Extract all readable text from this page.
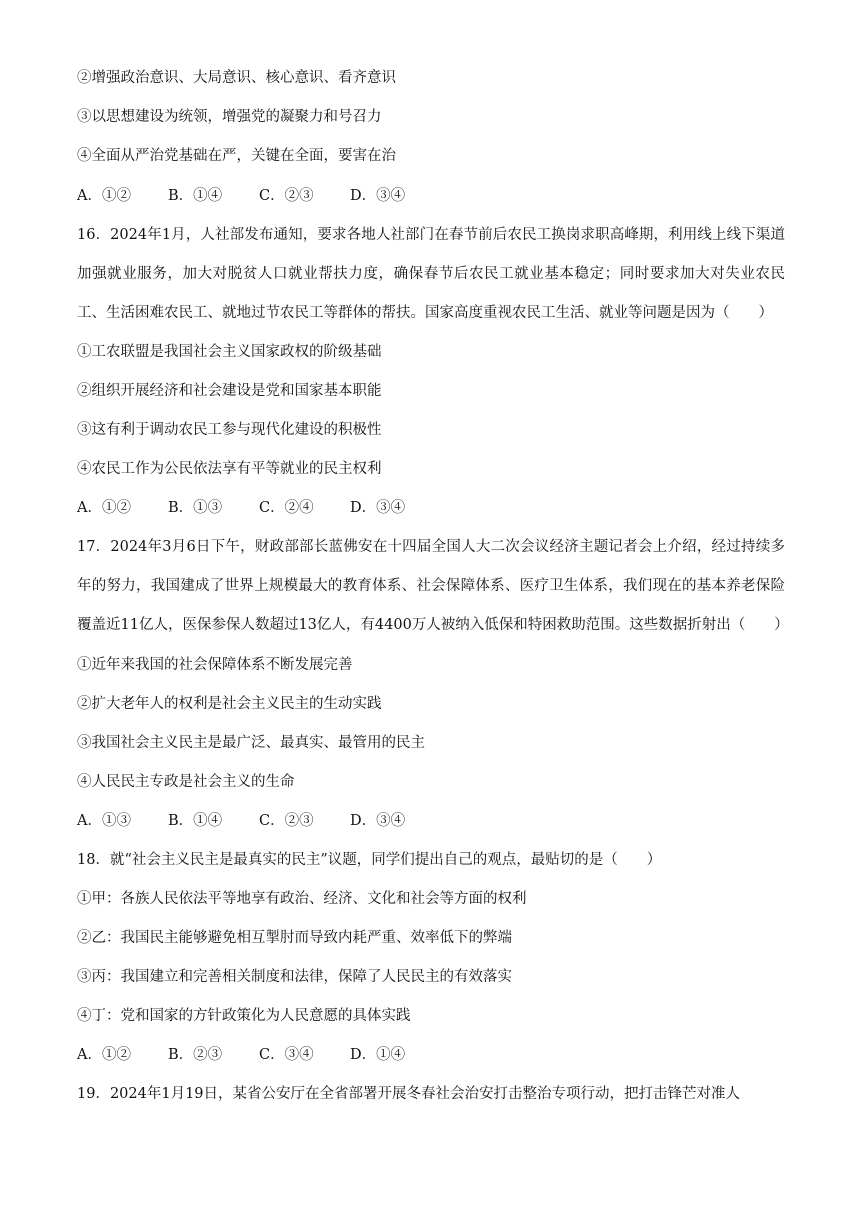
②增强政治意识、大局意识、核心意识、看齐意识
③以思想建设为统领，增强党的凝聚力和号召力
④全面从严治党基础在严，关键在全面，要害在治
A．①②	B．①④	C．②③	D．③④
16．2024年1月，人社部发布通知，要求各地人社部门在春节前后农民工换岗求职高峰期，利用线上线下渠道加强就业服务，加大对脱贫人口就业帮扶力度，确保春节后农民工就业基本稳定；同时要求加大对失业农民工、生活困难农民工、就地过节农民工等群体的帮扶。国家高度重视农民工生活、就业等问题是因为（　　）
①工农联盟是我国社会主义国家政权的阶级基础
②组织开展经济和社会建设是党和国家基本职能
③这有利于调动农民工参与现代化建设的积极性
④农民工作为公民依法享有平等就业的民主权利
A．①②	B．①③	C．②④	D．③④
17．2024年3月6日下午，财政部部长蓝佛安在十四届全国人大二次会议经济主题记者会上介绍，经过持续多年的努力，我国建成了世界上规模最大的教育体系、社会保障体系、医疗卫生体系，我们现在的基本养老保险覆盖近11亿人，医保参保人数超过13亿人，有4400万人被纳入低保和特困救助范围。这些数据折射出（　　）
①近年来我国的社会保障体系不断发展完善
②扩大老年人的权利是社会主义民主的生动实践
③我国社会主义民主是最广泛、最真实、最管用的民主
④人民民主专政是社会主义的生命
A．①③	B．①④	C．②③	D．③④
18．就“社会主义民主是最真实的民主”议题，同学们提出自己的观点，最贴切的是（　　）
①甲：各族人民依法平等地享有政治、经济、文化和社会等方面的权利
②乙：我国民主能够避免相互掣肘而导致内耗严重、效率低下的弊端
③丙：我国建立和完善相关制度和法律，保障了人民民主的有效落实
④丁：党和国家的方针政策化为人民意愿的具体实践
A．①②	B．②③	C．③④	D．①④
19．2024年1月19日，某省公安厅在全省部署开展冬春社会治安打击整治专项行动，把打击锋芒对准人
